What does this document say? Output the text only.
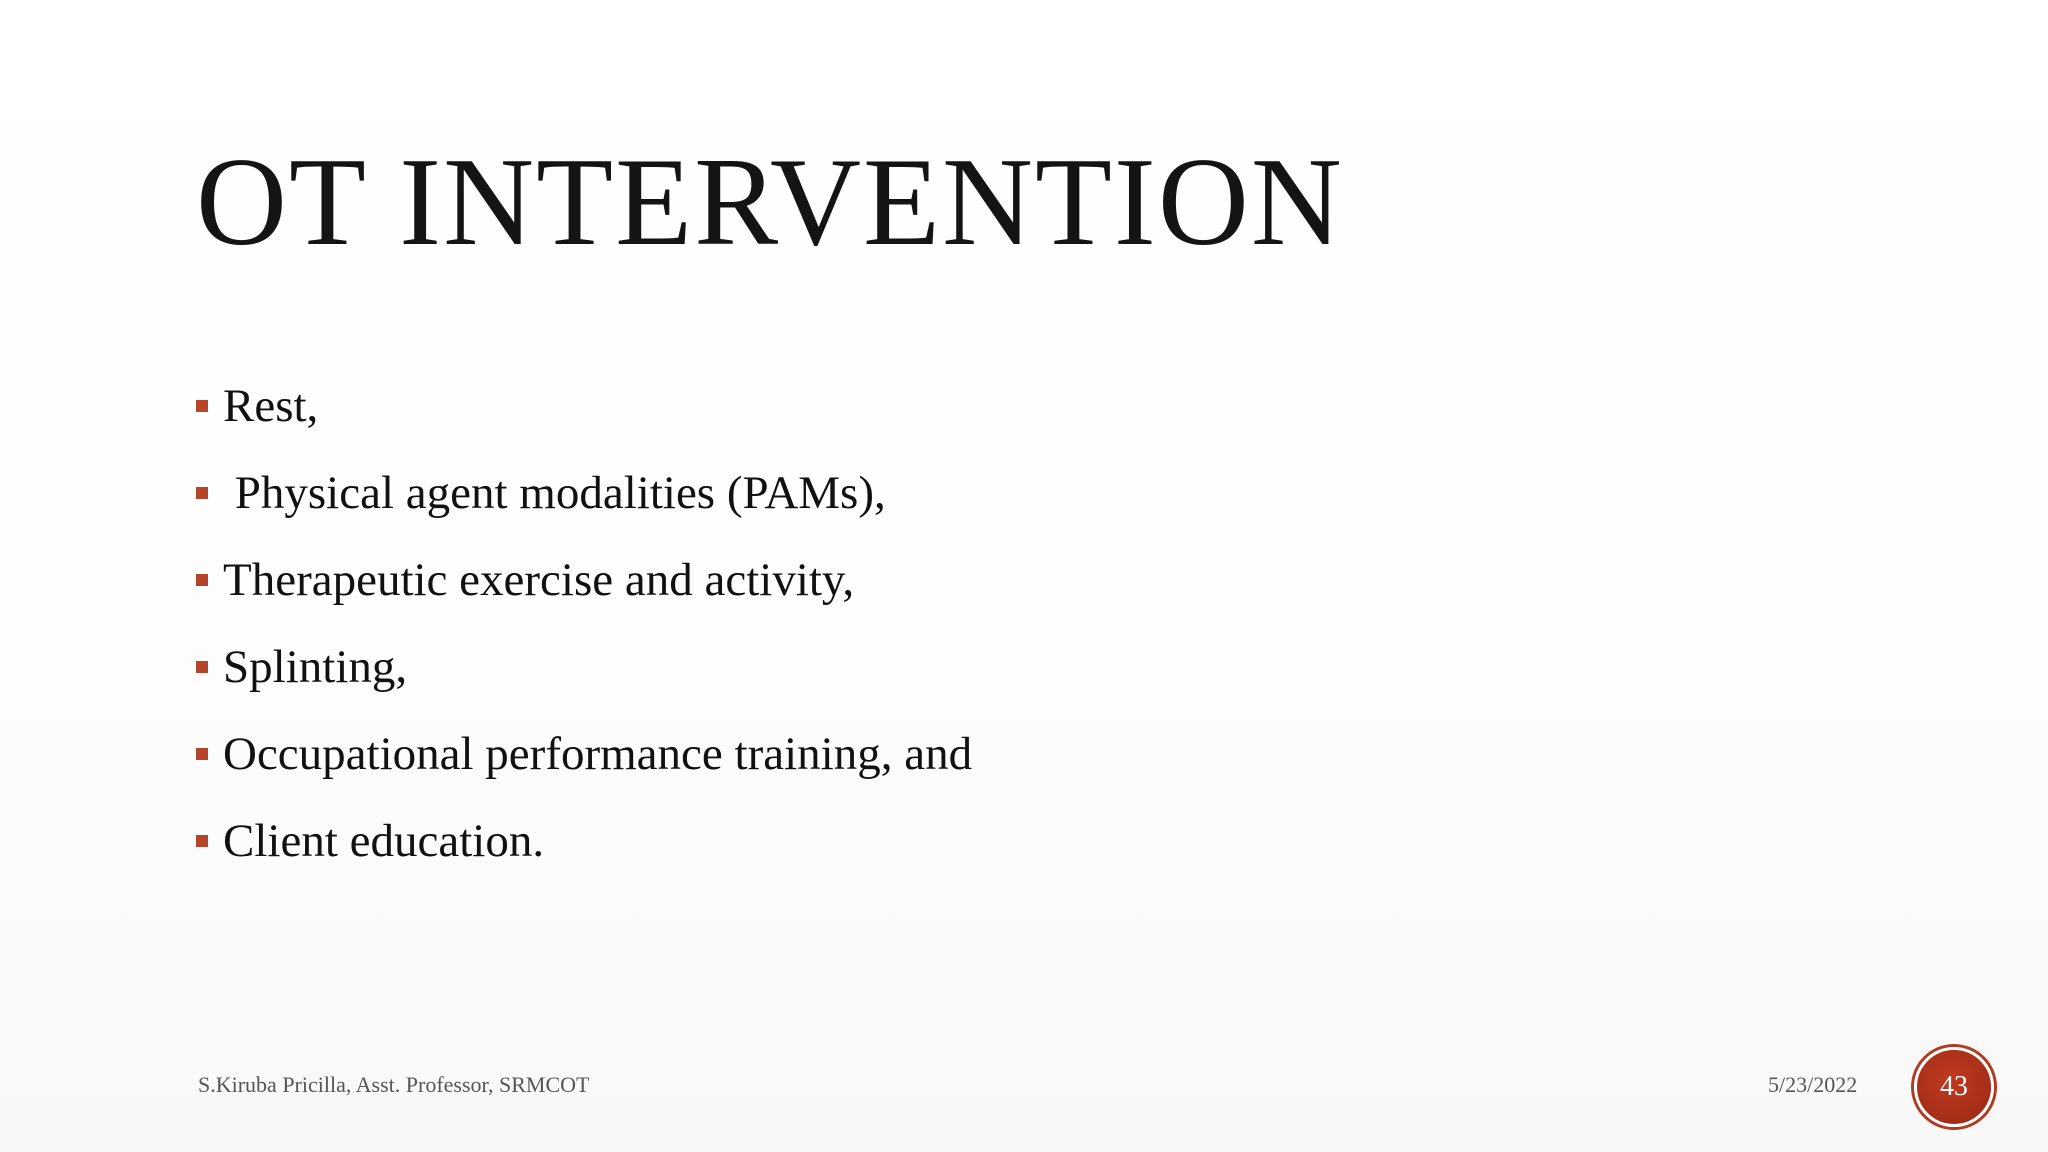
OT INTERVENTION
Rest,
Physical agent modalities (PAMs),
Therapeutic exercise and activity,
Splinting,
Occupational performance training, and
Client education.
S.Kiruba Pricilla, Asst. Professor, SRMCOT	5/23/2022	43
